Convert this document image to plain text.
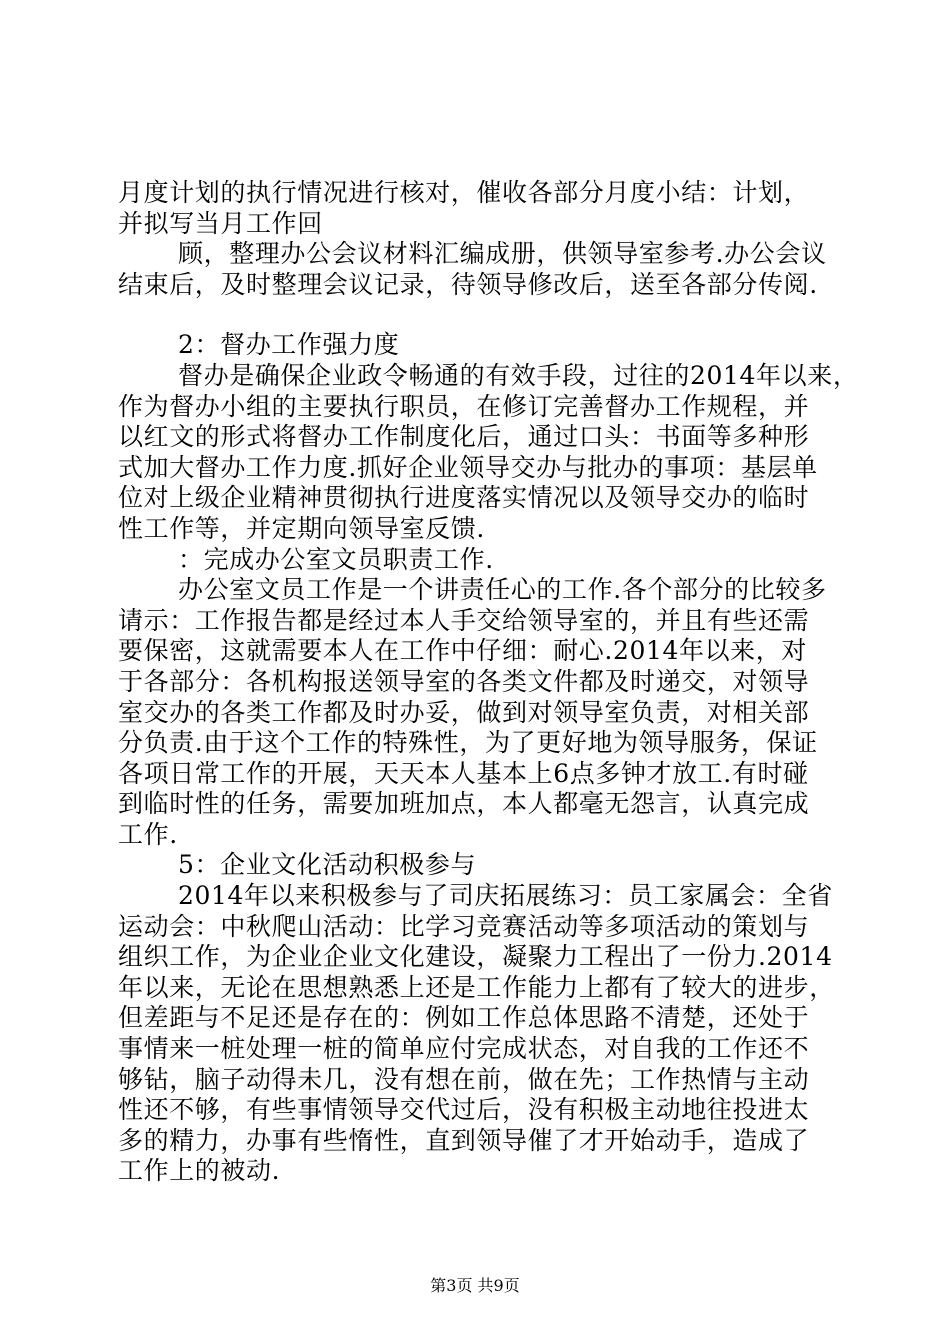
月度计划的执行情况进行核对，催收各部分月度小结：计划，
并拟写当月工作回
顾，整理办公会议材料汇编成册，供领导室参考.办公会议
结束后，及时整理会议记录，待领导修改后，送至各部分传阅.
2：督办工作强力度
督办是确保企业政令畅通的有效手段，过往的2014年以来，
作为督办小组的主要执行职员，在修订完善督办工作规程，并
以红文的形式将督办工作制度化后，通过口头：书面等多种形
式加大督办工作力度.抓好企业领导交办与批办的事项：基层单
位对上级企业精神贯彻执行进度落实情况以及领导交办的临时
性工作等，并定期向领导室反馈.
：完成办公室文员职责工作.
办公室文员工作是一个讲责任心的工作.各个部分的比较多
请示：工作报告都是经过本人手交给领导室的，并且有些还需
要保密，这就需要本人在工作中仔细：耐心.2014年以来，对
于各部分：各机构报送领导室的各类文件都及时递交，对领导
室交办的各类工作都及时办妥，做到对领导室负责，对相关部
分负责.由于这个工作的特殊性，为了更好地为领导服务，保证
各项日常工作的开展，天天本人基本上6点多钟才放工.有时碰
到临时性的任务，需要加班加点，本人都毫无怨言，认真完成
工作.
5：企业文化活动积极参与
2014年以来积极参与了司庆拓展练习：员工家属会：全省
运动会：中秋爬山活动：比学习竞赛活动等多项活动的策划与
组织工作，为企业企业文化建设，凝聚力工程出了一份力.2014
年以来，无论在思想熟悉上还是工作能力上都有了较大的进步，
但差距与不足还是存在的：例如工作总体思路不清楚，还处于
事情来一桩处理一桩的简单应付完成状态，对自我的工作还不
够钻，脑子动得未几，没有想在前，做在先；工作热情与主动
性还不够，有些事情领导交代过后，没有积极主动地往投进太
多的精力，办事有些惰性，直到领导催了才开始动手，造成了
工作上的被动.
第3页 共9页
